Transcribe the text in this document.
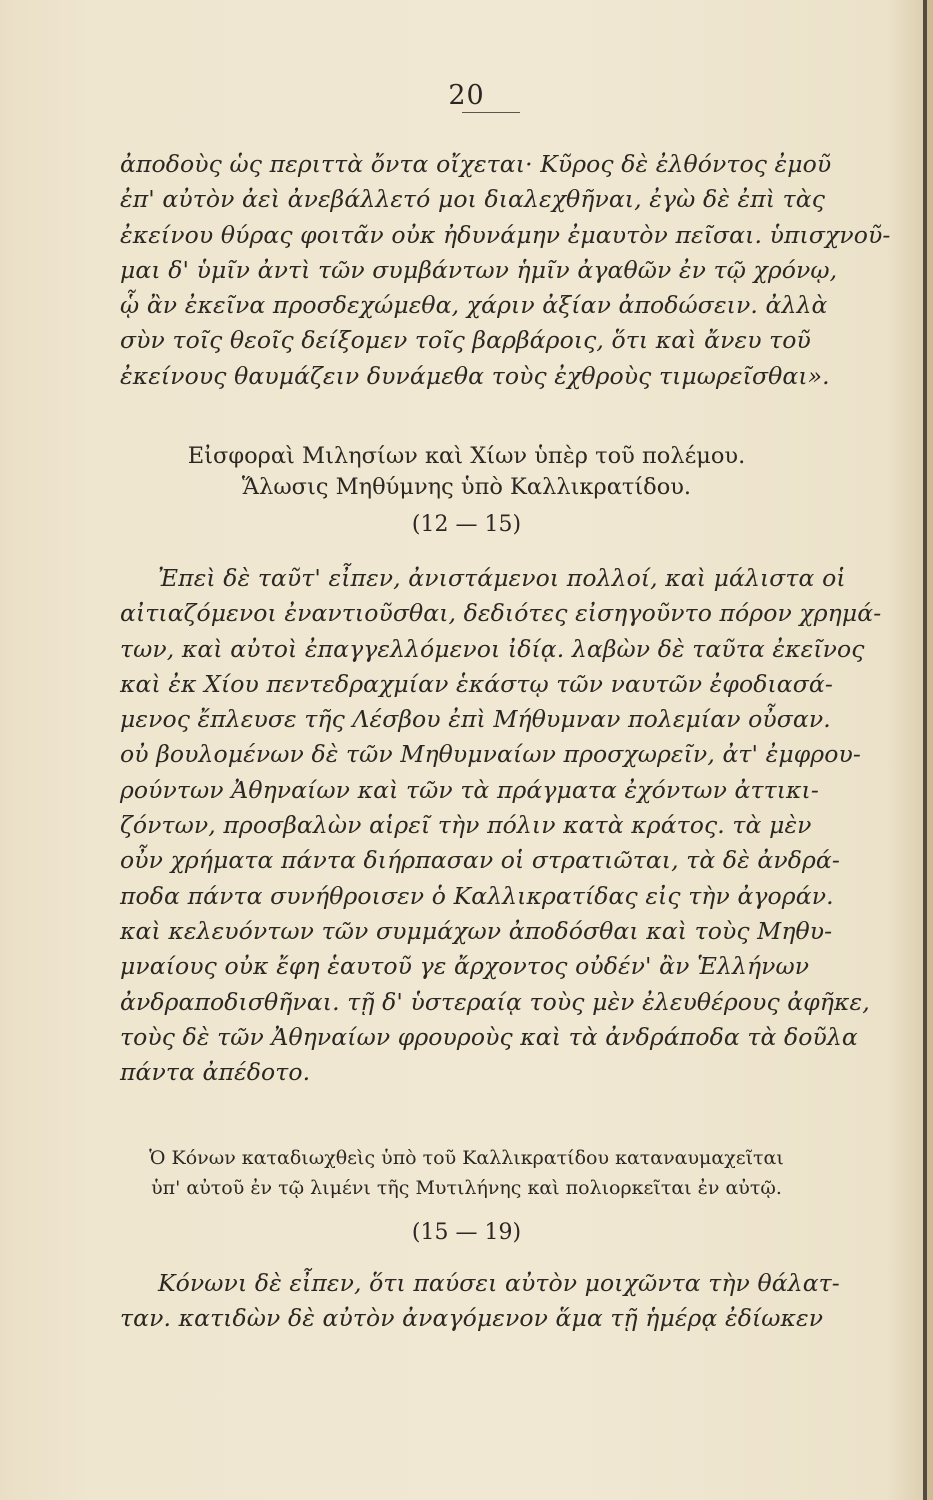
20
ἀποδοὺς ὡς περιττὰ ὄντα οἴχεται· Κῦρος δὲ ἐλθόντος ἐμοῦ
ἐπ' αὐτὸν ἀεὶ ἀνεβάλλετό μοι διαλεχθῆναι, ἐγὼ δὲ ἐπὶ τὰς
ἐκείνου θύρας φοιτᾶν οὐκ ἠδυνάμην ἐμαυτὸν πεῖσαι. ὑπισχνοῦ-
μαι δ' ὑμῖν ἀντὶ τῶν συμβάντων ἡμῖν ἀγαθῶν ἐν τῷ χρόνῳ,
ᾧ ἂν ἐκεῖνα προσδεχώμεθα, χάριν ἀξίαν ἀποδώσειν. ἀλλὰ
σὺν τοῖς θεοῖς δείξομεν τοῖς βαρβάροις, ὅτι καὶ ἄνευ τοῦ
ἐκείνους θαυμάζειν δυνάμεθα τοὺς ἐχθροὺς τιμωρεῖσθαι».
Εἰσφοραὶ Μιλησίων καὶ Χίων ὑπὲρ τοῦ πολέμου.
Ἅλωσις Μηθύμνης ὑπὸ Καλλικρατίδου.
(12 — 15)
Ἐπεὶ δὲ ταῦτ' εἶπεν, ἀνιστάμενοι πολλοί, καὶ μάλιστα οἱ
αἰτιαζόμενοι ἐναντιοῦσθαι, δεδιότες εἰσηγοῦντο πόρον χρημά-
των, καὶ αὐτοὶ ἐπαγγελλόμενοι ἰδίᾳ. λαβὼν δὲ ταῦτα ἐκεῖνος
καὶ ἐκ Χίου πεντεδραχμίαν ἑκάστῳ τῶν ναυτῶν ἐφοδιασά-
μενος ἔπλευσε τῆς Λέσβου ἐπὶ Μήθυμναν πολεμίαν οὖσαν.
οὐ βουλομένων δὲ τῶν Μηθυμναίων προσχωρεῖν, ἀτ' ἐμφρου-
ρούντων Ἀθηναίων καὶ τῶν τὰ πράγματα ἐχόντων ἀττικι-
ζόντων, προσβαλὼν αἱρεῖ τὴν πόλιν κατὰ κράτος. τὰ μὲν
οὖν χρήματα πάντα διήρπασαν οἱ στρατιῶται, τὰ δὲ ἀνδρά-
ποδα πάντα συνήθροισεν ὁ Καλλικρατίδας εἰς τὴν ἀγοράν.
καὶ κελευόντων τῶν συμμάχων ἀποδόσθαι καὶ τοὺς Μηθυ-
μναίους οὐκ ἔφη ἑαυτοῦ γε ἄρχοντος οὐδέν' ἂν Ἑλλήνων
ἀνδραποδισθῆναι. τῇ δ' ὑστεραίᾳ τοὺς μὲν ἐλευθέρους ἀφῆκε,
τοὺς δὲ τῶν Ἀθηναίων φρουροὺς καὶ τὰ ἀνδράποδα τὰ δοῦλα
πάντα ἀπέδοτο.
Ὁ Κόνων καταδιωχθεὶς ὑπὸ τοῦ Καλλικρατίδου καταναυμαχεῖται
ὑπ' αὐτοῦ ἐν τῷ λιμένι τῆς Μυτιλήνης καὶ πολιορκεῖται ἐν αὐτῷ.
(15 — 19)
Κόνωνι δὲ εἶπεν, ὅτι παύσει αὐτὸν μοιχῶντα τὴν θάλατ-
ταν. κατιδὼν δὲ αὐτὸν ἀναγόμενον ἅμα τῇ ἡμέρᾳ ἐδίωκεν
